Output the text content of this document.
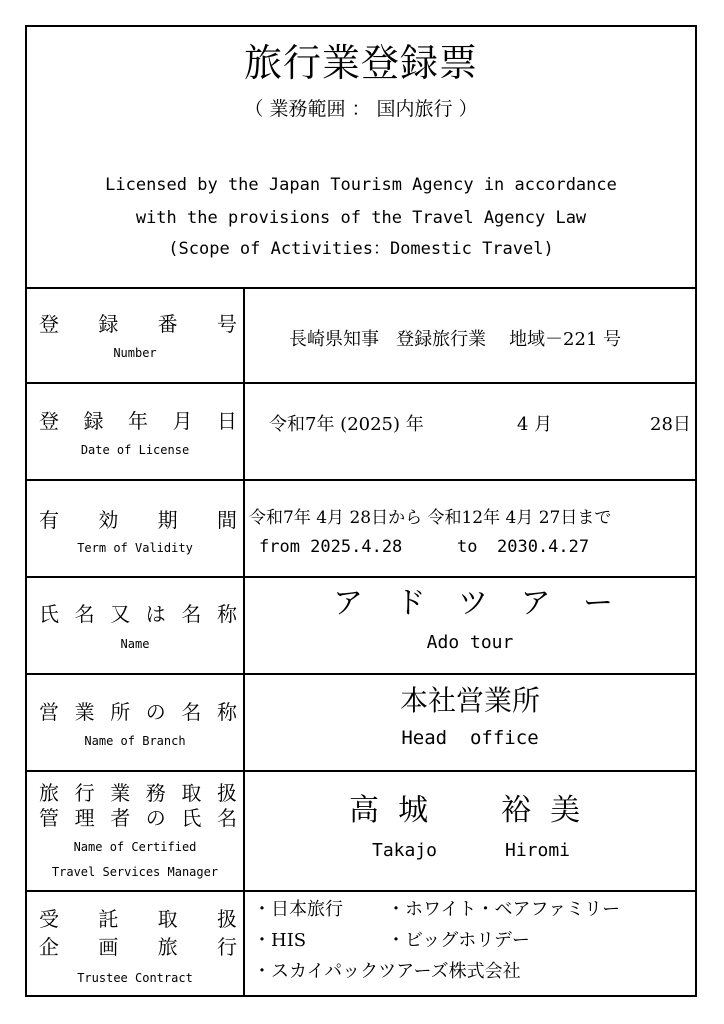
旅行業登録票
（ 業務範囲 ： 国内旅行 ）
Licensed by the Japan Tourism Agency in accordance
with the provisions of the Travel Agency Law
(Scope of Activities：Domestic Travel)
登 録 番 号
Number
長崎県知事 登録旅行業 地域－221 号
登 録 年 月 日
Date of License
令和7年 (2025) 年	4 月	28日
有 効 期 間
Term of Validity
令和7年 4月 28日から 令和12年 4月 27日まで
from 2025.4.28	to 2030.4.27
氏 名 又 は 名 称
Name
ア ド ツ ア ー
Ado tour
営 業 所 の 名 称
Name of Branch
本社営業所
Head  office
旅 行 業 務 取 扱
管 理 者 の 氏 名
Name of Certified
Travel Services Manager
高  城 裕  美
Takajo	Hiromi
受 託 取 扱
企 画 旅 行
Trustee Contract
・日本旅行 ・ホワイト・ベアファミリー
・HIS	・ビッグホリデー
・スカイパックツアーズ株式会社
